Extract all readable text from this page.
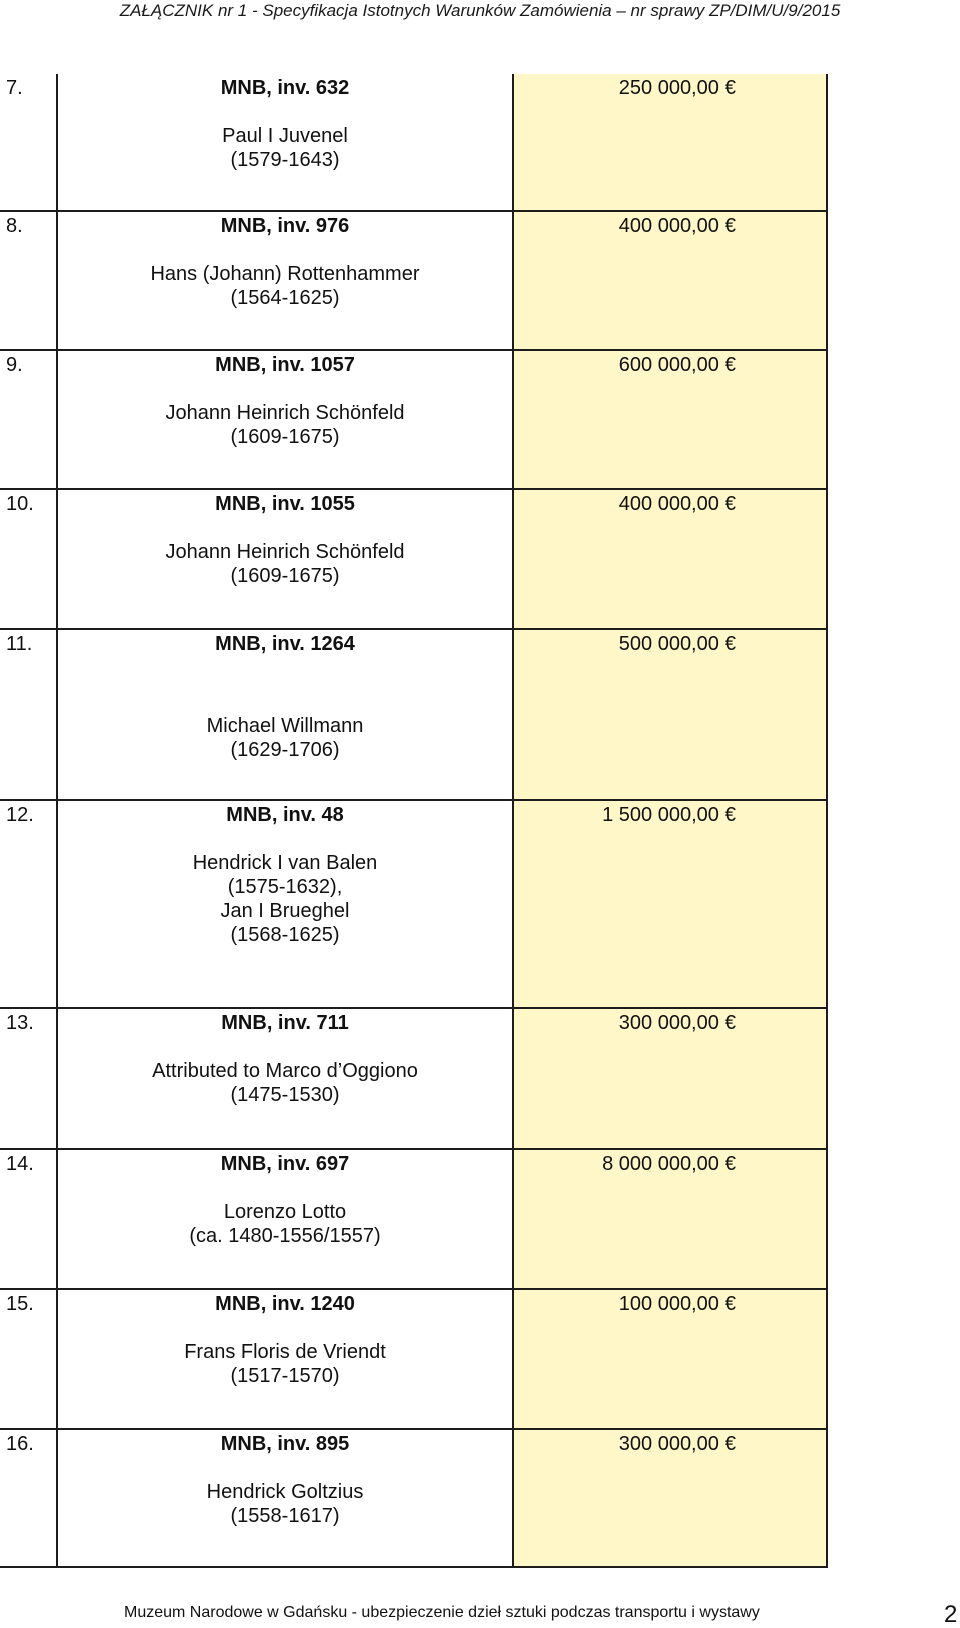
ZAŁĄCZNIK nr 1 - Specyfikacja Istotnych Warunków Zamówienia – nr sprawy ZP/DIM/U/9/2015
7.	MNB, inv. 632
Paul I Juvenel
(1579-1643)	250 000,00 €

8.	MNB, inv. 976
Hans (Johann) Rottenhammer
(1564-1625)	400 000,00 €

9.	MNB, inv. 1057
Johann Heinrich Schönfeld
(1609-1675)	600 000,00 €

10.	MNB, inv. 1055
Johann Heinrich Schönfeld
(1609-1675)	400 000,00 €

11.	MNB, inv. 1264
Michael Willmann
(1629-1706)	500 000,00 €

12.	MNB, inv. 48
Hendrick I van Balen
(1575-1632),
Jan I Brueghel
(1568-1625)	1 500 000,00 €

13.	MNB, inv. 711
Attributed to Marco d’Oggiono
(1475-1530)	300 000,00 €

14.	MNB, inv. 697
Lorenzo Lotto
(ca. 1480-1556/1557)	8 000 000,00 €

15.	MNB, inv. 1240
Frans Floris de Vriendt
(1517-1570)	100 000,00 €

16.	MNB, inv. 895
Hendrick Goltzius
(1558-1617)	300 000,00 €
Muzeum Narodowe w Gdańsku - ubezpieczenie dzieł sztuki podczas transportu i wystawy	2
